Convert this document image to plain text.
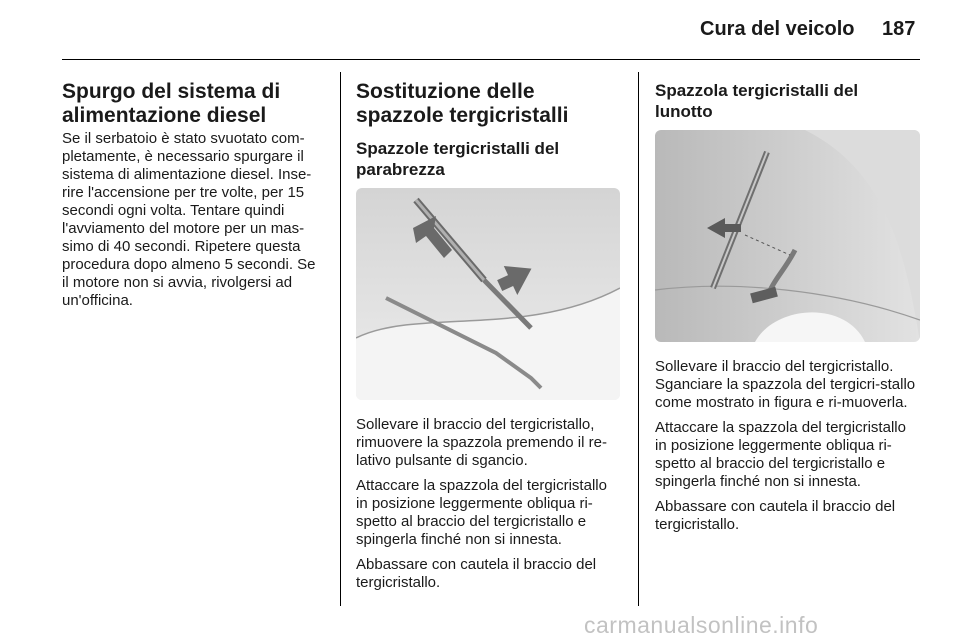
Cura del veicolo 187
Spurgo del sistema di alimentazione diesel

Se il serbatoio è stato svuotato com-pletamente, è necessario spurgare il sistema di alimentazione diesel. Inse-rire l'accensione per tre volte, per 15 secondi ogni volta. Tentare quindi l'avviamento del motore per un mas-simo di 40 secondi. Ripetere questa procedura dopo almeno 5 secondi. Se il motore non si avvia, rivolgersi ad un'officina.

Sostituzione delle spazzole tergicristalli
Spazzole tergicristalli del parabrezza

Sollevare il braccio del tergicristallo, rimuovere la spazzola premendo il re-lativo pulsante di sgancio.

Attaccare la spazzola del tergicristallo in posizione leggermente obliqua ri-spetto al braccio del tergicristallo e spingerla finché non si innesta.

Abbassare con cautela il braccio del tergicristallo.

Spazzola tergicristalli del lunotto

Sollevare il braccio del tergicristallo. Sganciare la spazzola del tergicri-stallo come mostrato in figura e ri-muoverla.

Attaccare la spazzola del tergicristallo in posizione leggermente obliqua ri-spetto al braccio del tergicristallo e spingerla finché non si innesta.

Abbassare con cautela il braccio del tergicristallo.

carmanualsonline.info
